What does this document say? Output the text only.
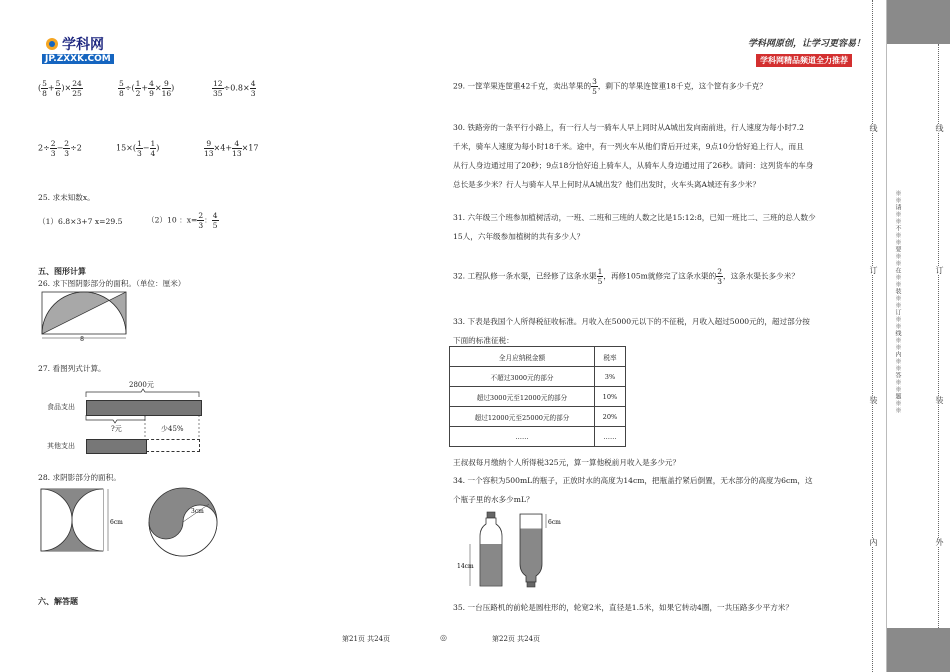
学科网
JP.ZXXK.COM
学科网原创，让学习更容易！
学科网精品频道全力推荐
( $\frac{5}{8} + \frac{5}{6}$ )× $\frac{24}{25}$	$\frac{5}{8}$ ÷( $\frac{1}{2} + \frac{4}{9} \times \frac{9}{16}$ )	$\frac{12}{35} \div 0.8\times \frac{4}{3}$
$2\div \frac{2}{3} - \frac{2}{3} \div 2$	$15\times( \frac{1}{3} - \frac{1}{4}$ )	$\frac{9}{13} \times 4+ \frac{4}{13} \times 17$
25. 求未知数x。
（1）6.8×3+7 x=29.5	（2）10 ：$x= \frac{2}{3}$ ： $\frac{4}{5}$
五、图形计算
26. 求下图阴影部分的面积。（单位：厘米）
8
27. 看图列式计算。
2800元
食品支出
?元	少45%
其他支出
28. 求阴影部分的面积。
6cm
3cm
六、解答题
29. 一筐苹果连筐重42千克，卖出苹果的 $\frac{3}{5}$ ，剩下的苹果连筐重18千克，这个筐有多少千克？
30. 铁路旁的一条平行小路上，有一行人与一骑车人早上同时从A城出发向南前进，行人速度为每小时7.2
千米，骑车人速度为每小时18千米。途中，有一列火车从他们背后开过来，9点10分恰好追上行人，而且
从行人身边通过用了20秒；9点18分恰好追上骑车人，从骑车人身边通过用了26秒。请问：这列货车的车身
总长是多少米？行人与骑车人早上何时从A城出发？他们出发时，火车头离A城还有多少米？
31. 六年级三个班参加植树活动，一班、二班和三班的人数之比是15:12:8，已知一班比二、三班的总人数少
15人，六年级参加植树的共有多少人？
32. 工程队修一条水渠，已经修了这条水渠 $\frac{1}{5}$ ，再修105m就修完了这条水渠的 $\frac{2}{3}$ ，这条水渠长多少米？
33. 下表是我国个人所得税征收标准。月收入在5000元以下的不征税，月收入超过5000元的，超过部分按
下面的标准征税：
全月应纳税金额	税率
不超过3000元的部分	3%
超过3000元至12000元的部分	10%
超过12000元至25000元的部分	20%
……	……
王叔叔每月缴纳个人所得税325元，算一算他税前月收入是多少元？
34. 一个容积为500mL的瓶子，正放时水的高度为14cm，把瓶盖拧紧后倒置，无水部分的高度为6cm，这
个瓶子里的水多少mL？
14cm
6cm
35. 一台压路机的前轮是圆柱形的，轮宽2米，直径是1.5米，如果它转动4圈，一共压路多少平方米？
第21页 共24页	◎	第22页 共24页
线
订
装
内
※※请※※不※※要※※在※※装※※订※※线※※内※※答※※题※※
线
订
装
外
